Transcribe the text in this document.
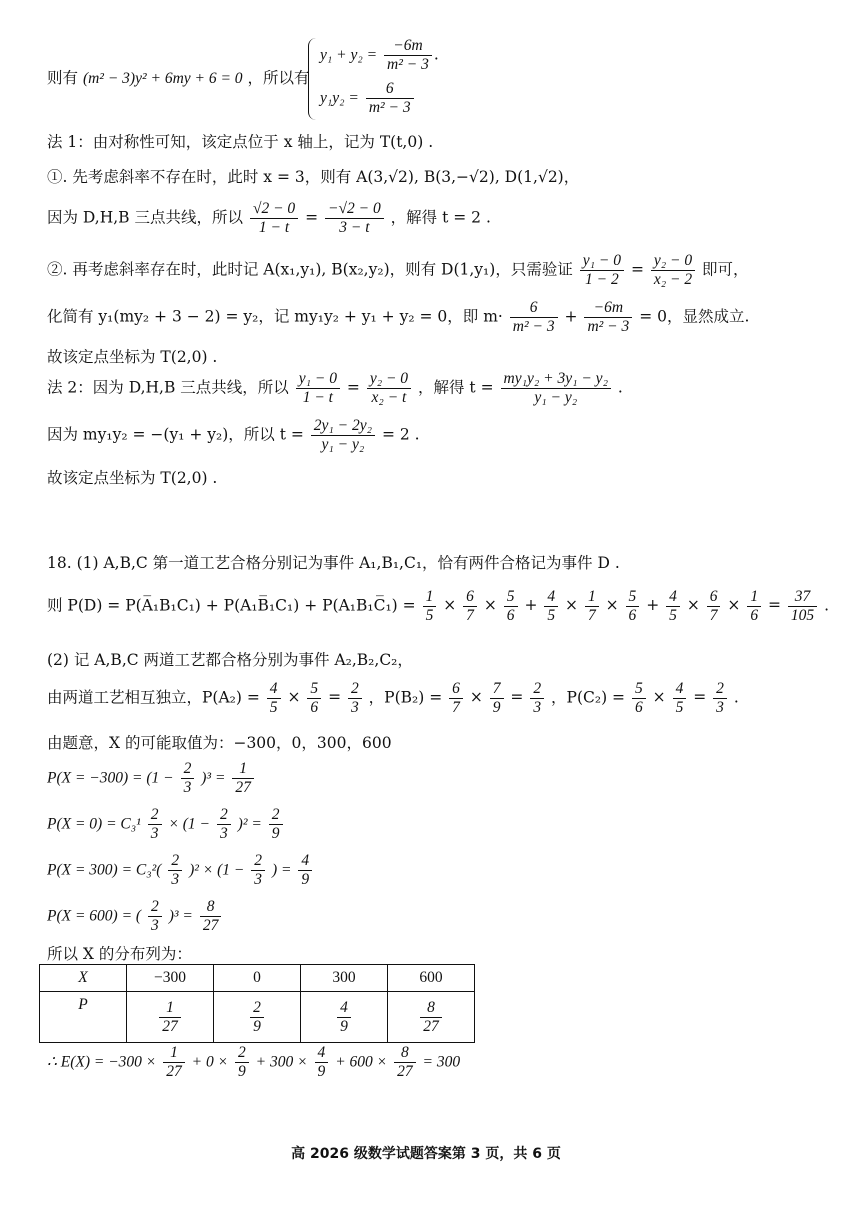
则有 (m² − 3)y² + 6my + 6 = 0 ，所以有
$y_1 + y_2 = \frac{-6m}{\text{m² − 3}}$ .
$y_1y_2 = \frac{6}{\text{m² − 3}}$
法 1：由对称性可知，该定点位于 x 轴上，记为 T(t,0) .
①. 先考虑斜率不存在时，此时 x = 3，则有 A(3,√2), B(3,−√2), D(1,√2)，
因为 D,H,B 三点共线，所以 $\frac{√2 - 0}{1 - t} = \frac{-√2 - 0}{3 - t}$ ，解得 t = 2 .
②. 再考虑斜率存在时，此时记 A(x₁,y₁), B(x₂,y₂)，则有 D(1,y₁)，只需验证 $\frac{\text{y₁ − 0}}{1 - 2} = \frac{\text{y₂ − 0}}{\text{x₂ − 2}}$ 即可，
化简有 y₁(my₂ + 3 − 2) = y₂，记 my₁y₂ + y₁ + y₂ = 0，即 $m\cdot \frac{6}{\text{m² − 3}} + \frac{-6m}{\text{m² − 3}} = 0$，显然成立.
故该定点坐标为 T(2,0) .
法 2：因为 D,H,B 三点共线，所以 $\frac{\text{y₁ − 0}}{1 - t} = \frac{\text{y₂ − 0}}{\text{x₂ − t}}$ ，解得 $t = \frac{\text{my₁y₂ + 3y₁ − y₂}}{\text{y₁ − y₂}}$ .
因为 my₁y₂ = −(y₁ + y₂)，所以 $t = \frac{\text{2y₁ − 2y₂}}{\text{y₁ − y₂}} = 2$ .
故该定点坐标为 T(2,0) .
18. (1) A,B,C 第一道工艺合格分别记为事件 A₁,B₁,C₁，恰有两件合格记为事件 D .
则 P(D) = P(A̅₁B₁C₁) + P(A₁B̅₁C₁) + P(A₁B₁C̅₁) = $\frac{1}{5} \times \frac{6}{7} \times \frac{5}{6} + \frac{4}{5} \times \frac{1}{7} \times \frac{5}{6} + \frac{4}{5} \times \frac{6}{7} \times \frac{1}{6} = \frac{37}{105}$ .
(2) 记 A,B,C 两道工艺都合格分别为事件 A₂,B₂,C₂，
由两道工艺相互独立，$P(A_2) = \frac{4}{5} \times \frac{5}{6} = \frac{2}{3}$ ，$P(B_2) = \frac{6}{7} \times \frac{7}{9} = \frac{2}{3}$ ，$P(C_2) = \frac{5}{6} \times \frac{4}{5} = \frac{2}{3}$ .
由题意，X 的可能取值为：−300，0，300，600
$P(X = -300) = (1 - \frac{2}{3} )^3 = \frac{1}{27}$
$P(X = 0) = C_3^1 \frac{2}{3} \times (1 - \frac{2}{3} )^2 = \frac{2}{9}$
$P(X = 300) = C_3^2( \frac{2}{3} )^2 \times (1 - \frac{2}{3}$ ) = $\frac{4}{9}$
P(X = 600) = ( $\frac{2}{3} )^3 = \frac{8}{27}$
所以 X 的分布列为：
X	−300	0	300	600
P	$\frac{1}{27}$	$\frac{2}{9}$	$\frac{4}{9}$	$\frac{8}{27}$
∴ $E(X) = -300 \times \frac{1}{27} + 0 \times \frac{2}{9} + 300 \times \frac{4}{9} + 600 \times \frac{8}{27} = 300$
高 2026 级数学试题答案第 3 页，共 6 页
